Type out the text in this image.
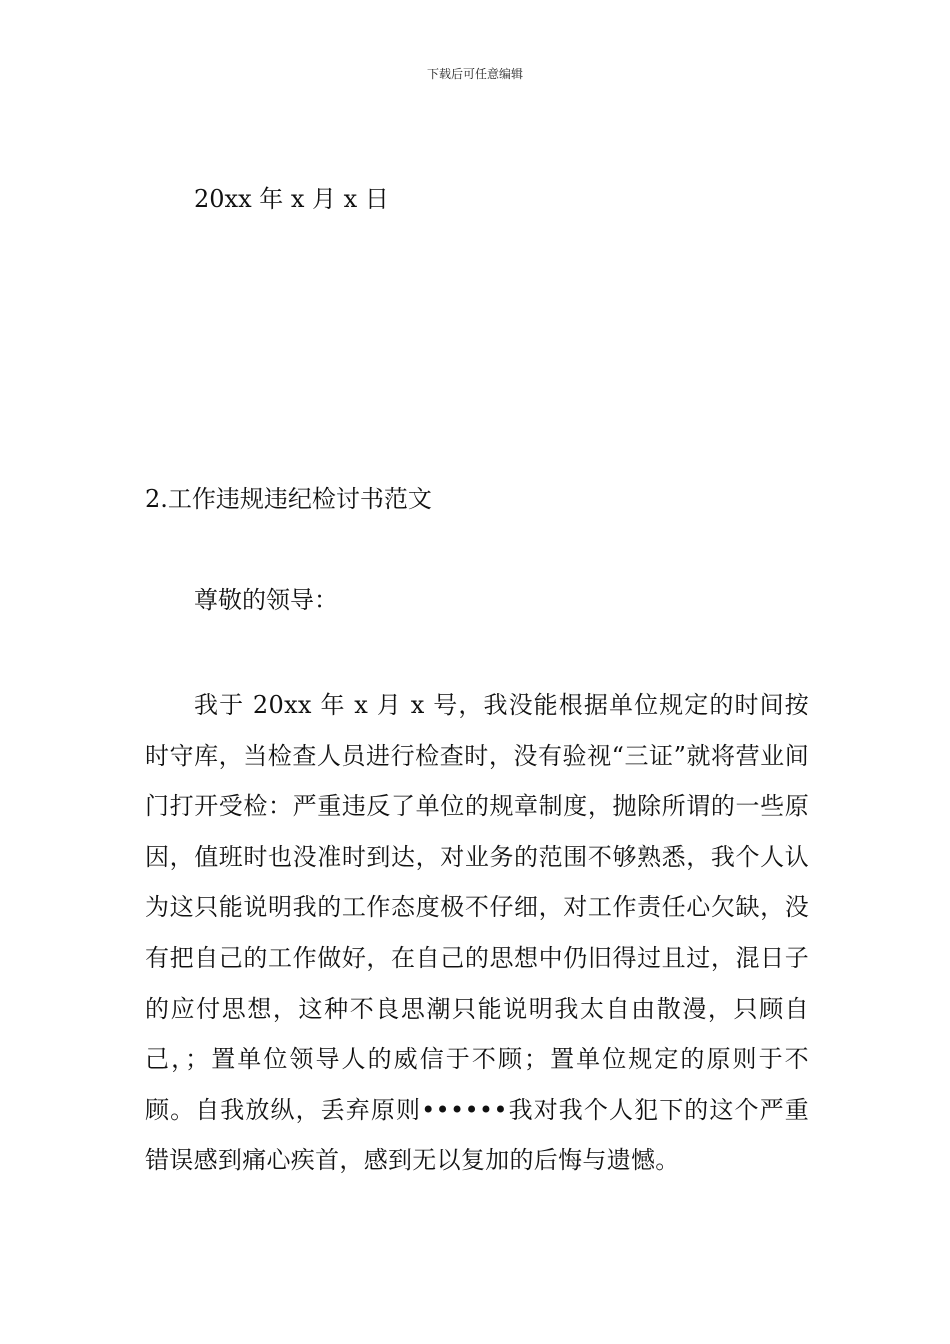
下载后可任意编辑
20xx 年 x 月 x 日
2.工作违规违纪检讨书范文
尊敬的领导：
我于 20xx 年 x 月 x 号，我没能根据单位规定的时间按时守库，当检查人员进行检查时，没有验视“三证”就将营业间门打开受检：严重违反了单位的规章制度，抛除所谓的一些原因，值班时也没准时到达，对业务的范围不够熟悉，我个人认为这只能说明我的工作态度极不仔细，对工作责任心欠缺，没有把自己的工作做好，在自己的思想中仍旧得过且过，混日子的应付思想，这种不良思潮只能说明我太自由散漫，只顾自己，；置单位领导人的威信于不顾；置单位规定的原则于不顾。自我放纵，丢弃原则••••••我对我个人犯下的这个严重错误感到痛心疾首，感到无以复加的后悔与遗憾。
